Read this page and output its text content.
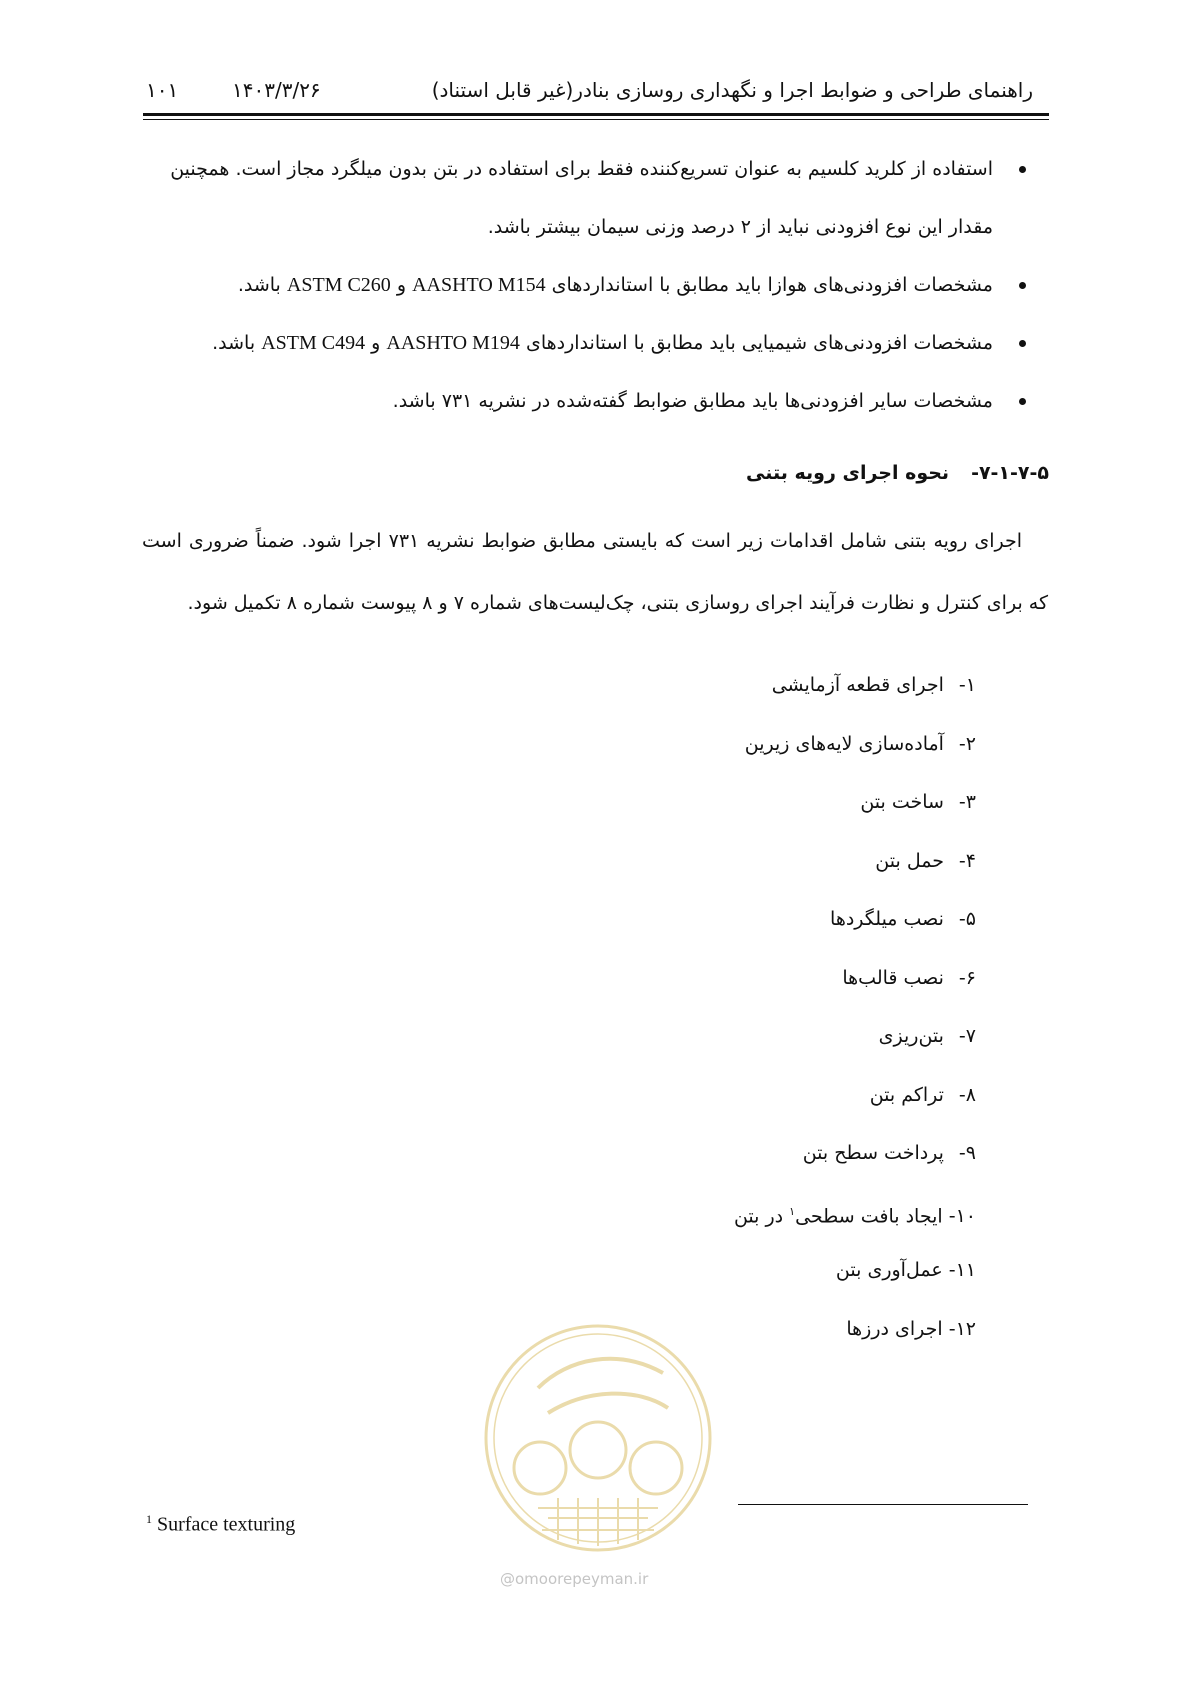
راهنمای طراحی و ضوابط اجرا و نگهداری روسازی بنادر(غیر قابل استناد)
۱۴۰۳/۳/۲۶
۱۰۱
استفاده از کلرید کلسیم به عنوان تسریع‌کننده فقط برای استفاده در بتن بدون میلگرد مجاز است. همچنین
مقدار این نوع افزودنی نباید از ۲ درصد وزنی سیمان بیشتر باشد.
مشخصات افزودنی‌های هوازا باید مطابق با استانداردهای AASHTO M154 و ASTM C260 باشد.
مشخصات افزودنی‌های شیمیایی باید مطابق با استانداردهای AASHTO M194 و ASTM C494 باشد.
مشخصات سایر افزودنی‌ها باید مطابق ضوابط گفته‌شده در نشریه ۷۳۱ باشد.
۷-۱-۷-۵-نحوه اجرای رویه بتنی
اجرای رویه بتنی شامل اقدامات زیر است که بایستی مطابق ضوابط نشریه ۷۳۱ اجرا شود. ضمناً ضروری است که برای کنترل و نظارت فرآیند اجرای روسازی بتنی، چک‌لیست‌های شماره ۷ و ۸ پیوست شماره ۸ تکمیل شود.
۱- اجرای قطعه آزمایشی
۲- آماده‌سازی لایه‌های زیرین
۳- ساخت بتن
۴- حمل بتن
۵- نصب میلگردها
۶- نصب قالب‌ها
۷- بتن‌ریزی
۸- تراکم بتن
۹- پرداخت سطح بتن
۱۰- ایجاد بافت سطحی$^۱$ در بتن
۱۱- عمل‌آوری بتن
۱۲- اجرای درزها
@omoorepeyman.ir
$^1$ Surface texturing
